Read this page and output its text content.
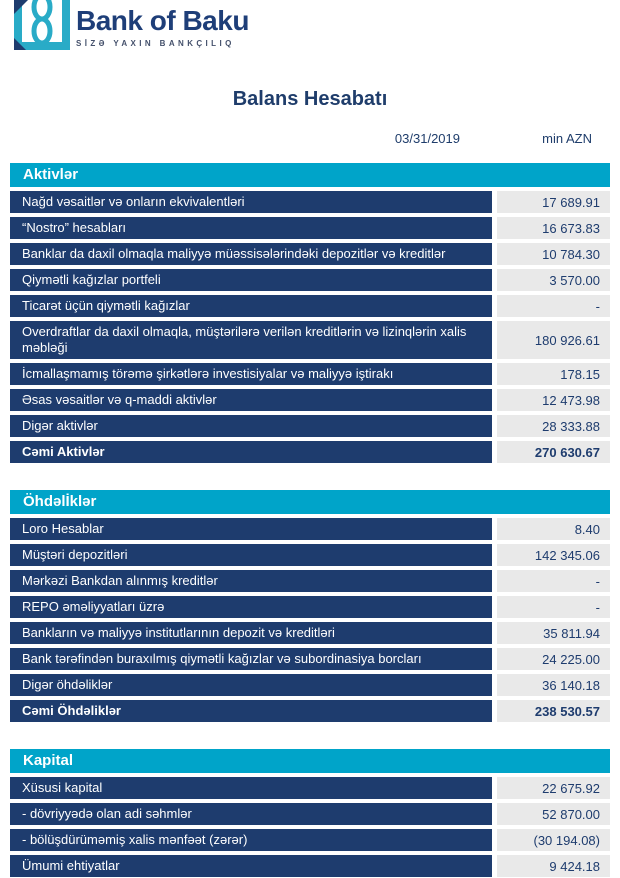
Bank of Baku
SİZƏ YAXIN BANKÇILIQ
Balans Hesabatı
03/31/2019	min AZN
Aktivlər
Nağd vəsaitlər və onların ekvivalentləri	17 689.91
“Nostro” hesabları	16 673.83
Banklar da daxil olmaqla maliyyə müəssisələrindəki depozitlər və kreditlər	10 784.30
Qiymətli kağızlar portfeli	3 570.00
Ticarət üçün qiymətli kağızlar	-
Overdraftlar da daxil olmaqla, müştərilərə verilən kreditlərin və lizinqlərin xalis məbləği	180 926.61
İcmallaşmamış törəmə şirkətlərə investisiyalar və maliyyə iştirakı	178.15
Əsas vəsaitlər və q-maddi aktivlər	12 473.98
Digər aktivlər	28 333.88
Cəmi Aktivlər	270 630.67
Öhdəlİklər
Loro Hesablar	8.40
Müştəri depozitləri	142 345.06
Mərkəzi Bankdan alınmış kreditlər	-
REPO əməliyyatları üzrə	-
Bankların və maliyyə institutlarının depozit və kreditləri	35 811.94
Bank tərəfindən buraxılmış qiymətli kağızlar və subordinasiya borcları	24 225.00
Digər öhdəliklər	36 140.18
Cəmi Öhdəliklər	238 530.57
Kapital
Xüsusi kapital	22 675.92
- dövriyyədə olan adi səhmlər	52 870.00
- bölüşdürüməmiş xalis mənfəət (zərər)	(30 194.08)
Ümumi ehtiyatlar	9 424.18
